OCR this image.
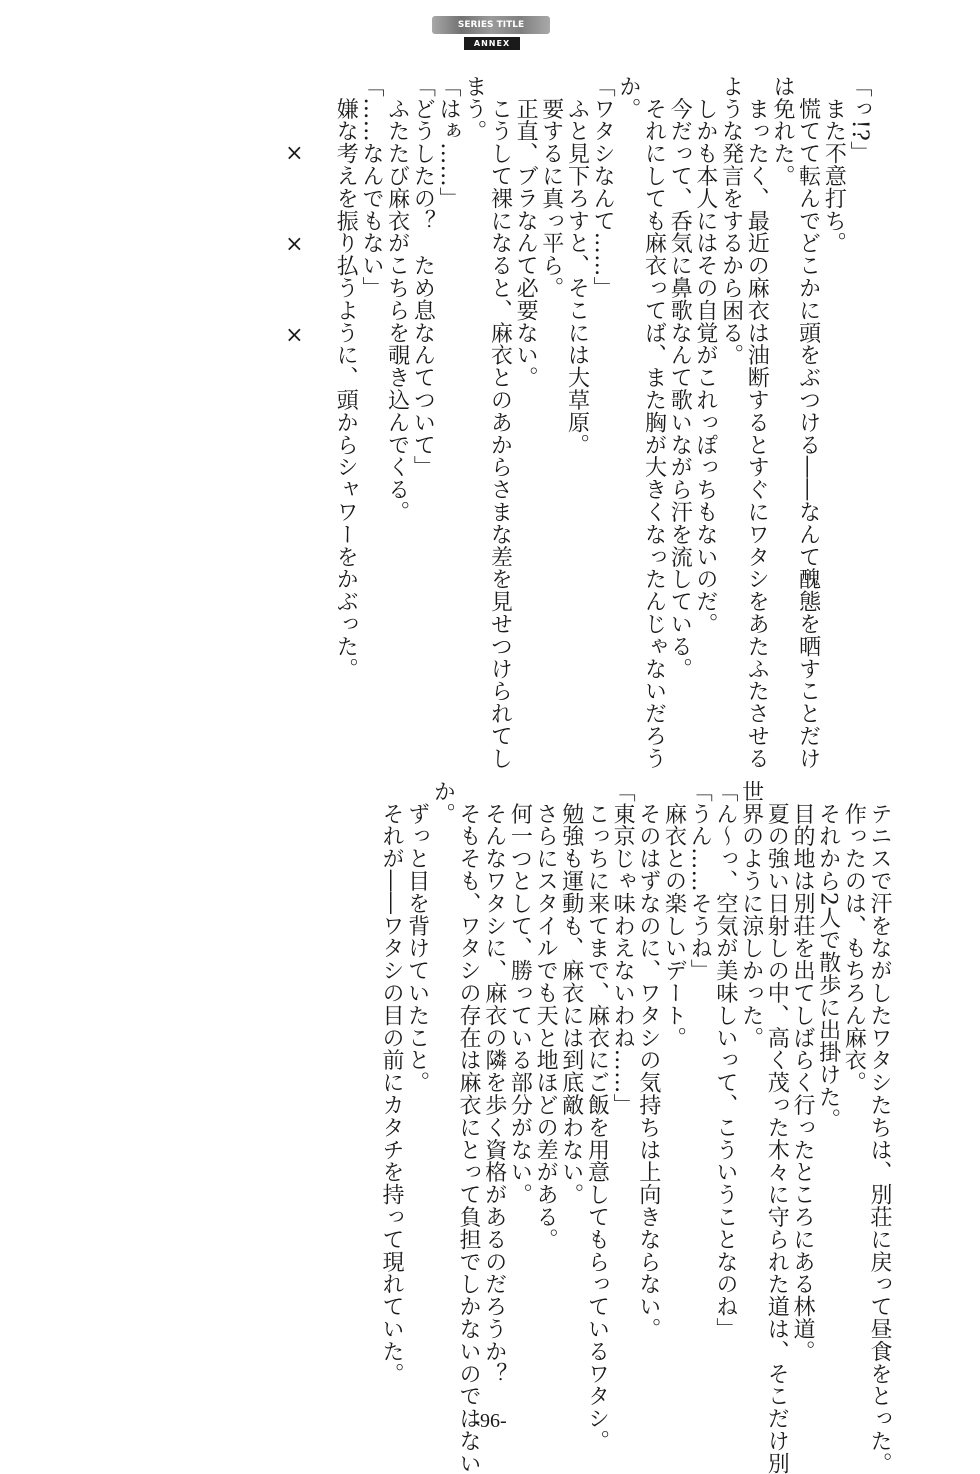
SERIES TITLE
ANNEX
「っ!?」
　また不意打ち。
　慌てて転んでどこかに頭をぶつける――なんて醜態を晒すことだけ
は免れた。
　まったく、最近の麻衣は油断するとすぐにワタシをあたふたさせる
ような発言をするから困る。
　しかも本人にはその自覚がこれっぽっちもないのだ。
　今だって、呑気に鼻歌なんて歌いながら汗を流している。
　それにしても麻衣ってば、また胸が大きくなったんじゃないだろう
か。
「ワタシなんて……」
　ふと見下ろすと、そこには大草原。
　要するに真っ平ら。
　正直、ブラなんて必要ない。
　こうして裸になると、麻衣とのあからさまな差を見せつけられてし
まう。
「はぁ……」
「どうしたの？　ため息なんてついて」
　ふたたび麻衣がこちらを覗き込んでくる。
「……なんでもない」
　嫌な考えを振り払うように、頭からシャワーをかぶった。
　　　×　　　×　　　×
　テニスで汗をながしたワタシたちは、別荘に戻って昼食をとった。
　作ったのは、もちろん麻衣。
　それから2人で散歩に出掛けた。
　目的地は別荘を出てしばらく行ったところにある林道。
　夏の強い日射しの中、高く茂った木々に守られた道は、そこだけ別
世界のように涼しかった。
「ん～っ、空気が美味しいって、こういうことなのね」
「うん……そうね」
　麻衣との楽しいデート。
　そのはずなのに、ワタシの気持ちは上向きならない。
「東京じゃ味わえないわね……」
　こっちに来てまで、麻衣にご飯を用意してもらっているワタシ。
　勉強も運動も、麻衣には到底敵わない。
　さらにスタイルでも天と地ほどの差がある。
　何一つとして、勝っている部分がない。
　そんなワタシに、麻衣の隣を歩く資格があるのだろうか？
　そもそも、ワタシの存在は麻衣にとって負担でしかないのではない
か。
　ずっと目を背けていたこと。
　それが――ワタシの目の前にカタチを持って現れていた。
-96-
